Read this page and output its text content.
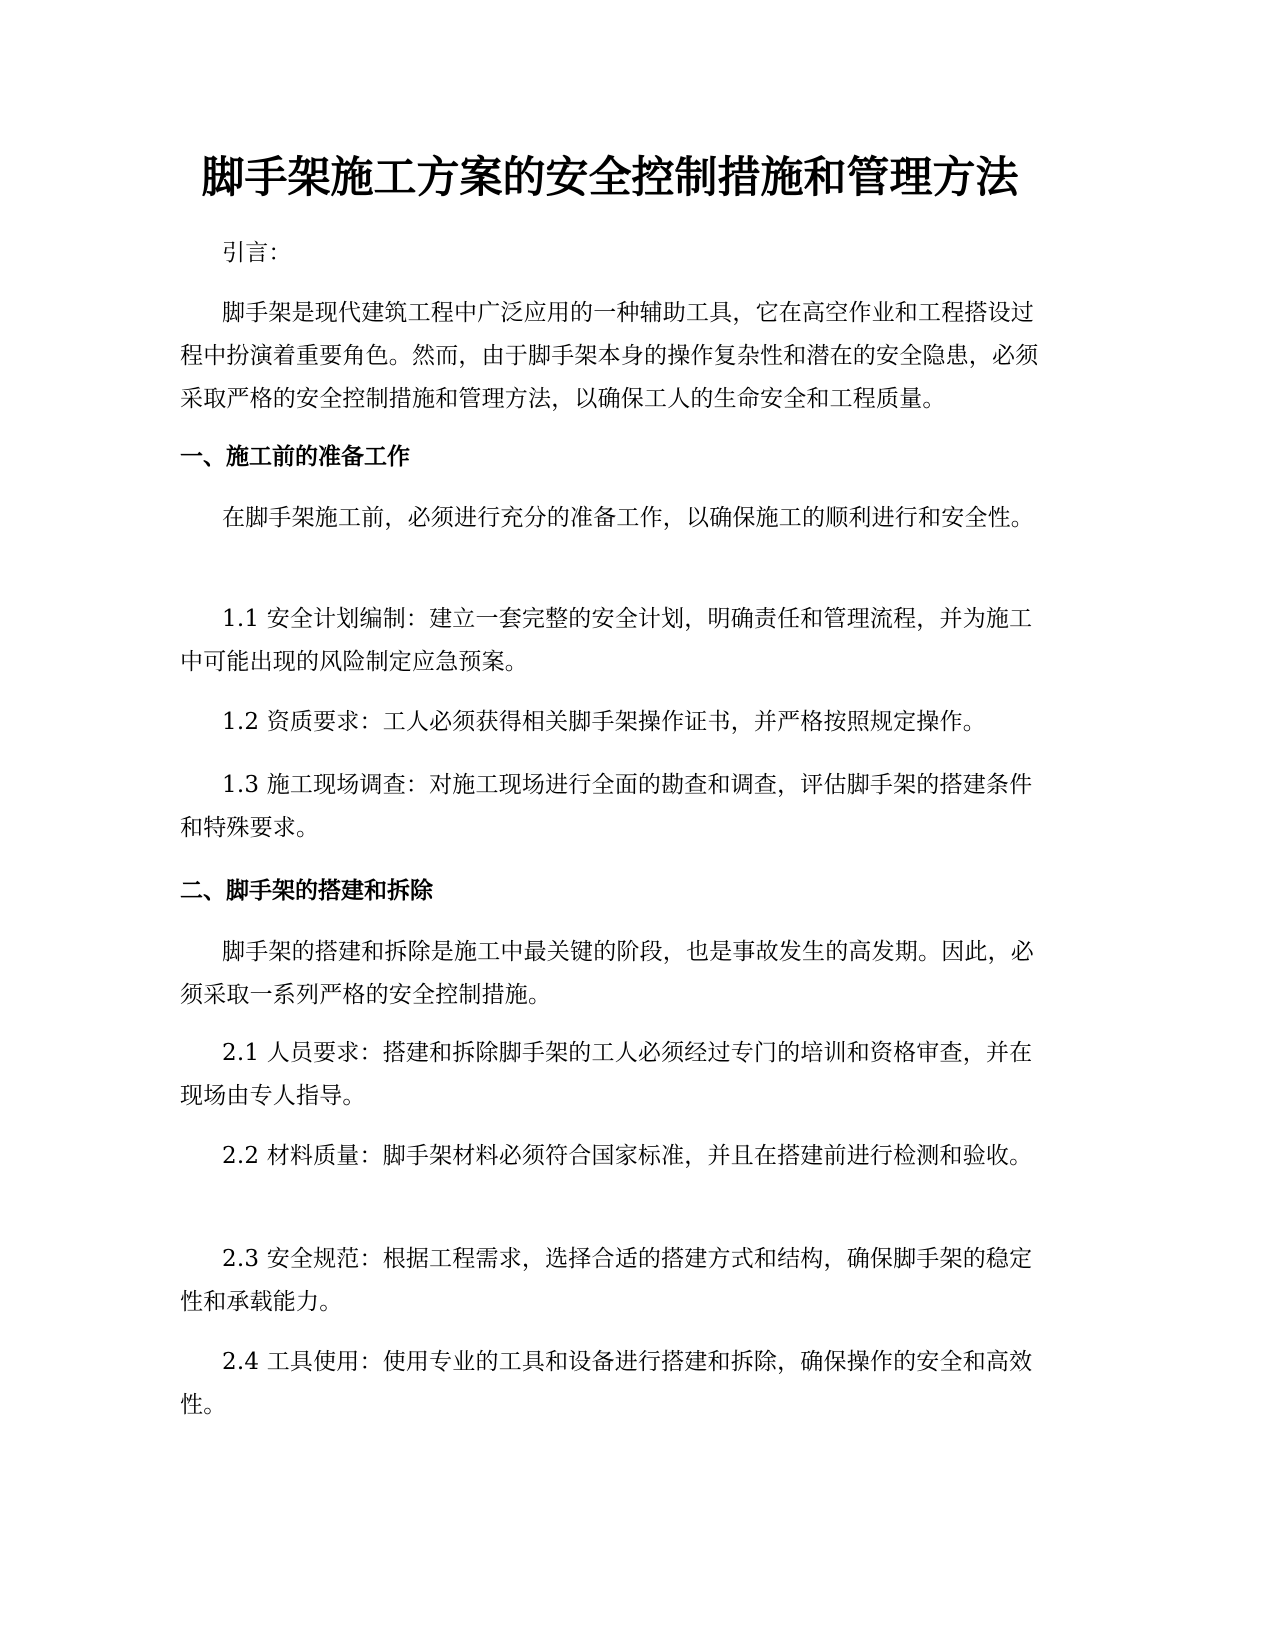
脚手架施工方案的安全控制措施和管理方法

引言：

脚手架是现代建筑工程中广泛应用的一种辅助工具，它在高空作业和工程搭设过程中扮演着重要角色。然而，由于脚手架本身的操作复杂性和潜在的安全隐患，必须采取严格的安全控制措施和管理方法，以确保工人的生命安全和工程质量。

一、施工前的准备工作

在脚手架施工前，必须进行充分的准备工作，以确保施工的顺利进行和安全性。

1.1 安全计划编制：建立一套完整的安全计划，明确责任和管理流程，并为施工中可能出现的风险制定应急预案。

1.2 资质要求：工人必须获得相关脚手架操作证书，并严格按照规定操作。

1.3 施工现场调查：对施工现场进行全面的勘查和调查，评估脚手架的搭建条件和特殊要求。

二、脚手架的搭建和拆除

脚手架的搭建和拆除是施工中最关键的阶段，也是事故发生的高发期。因此，必须采取一系列严格的安全控制措施。

2.1 人员要求：搭建和拆除脚手架的工人必须经过专门的培训和资格审查，并在现场由专人指导。

2.2 材料质量：脚手架材料必须符合国家标准，并且在搭建前进行检测和验收。

2.3 安全规范：根据工程需求，选择合适的搭建方式和结构，确保脚手架的稳定性和承载能力。

2.4 工具使用：使用专业的工具和设备进行搭建和拆除，确保操作的安全和高效性。
